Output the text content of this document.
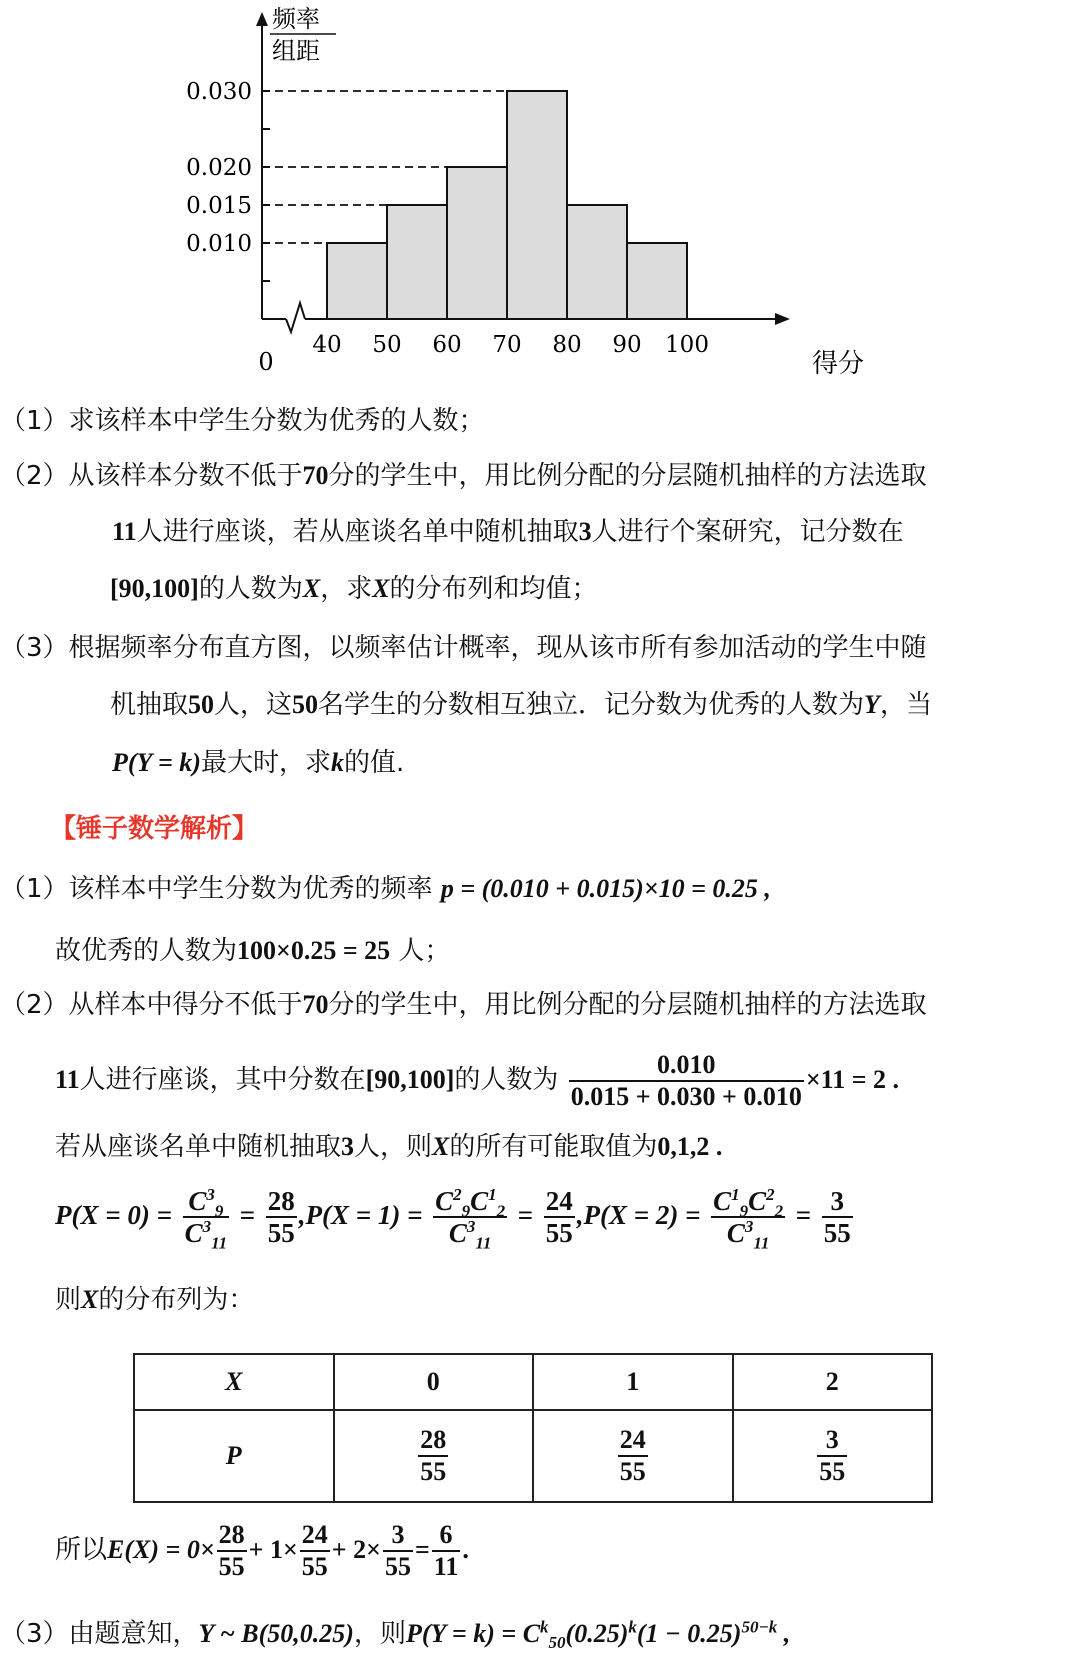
0.010
0.015
0.020
0.030
40 50 60 70 80 90 100
频率
组距
得分
0
（1）求该样本中学生分数为优秀的人数；
（2）从该样本分数不低于70分的学生中，用比例分配的分层随机抽样的方法选取
11人进行座谈，若从座谈名单中随机抽取3人进行个案研究，记分数在
[90,100]的人数为X，求X的分布列和均值；
（3）根据频率分布直方图，以频率估计概率，现从该市所有参加活动的学生中随
机抽取50人，这50名学生的分数相互独立．记分数为优秀的人数为Y，当
P(Y = k)最大时，求k的值.
【锤子数学解析】
（1）该样本中学生分数为优秀的频率 p = (0.010 + 0.015)×10 = 0.25 ,
故优秀的人数为100×0.25 = 25 人；
（2）从样本中得分不低于70分的学生中，用比例分配的分层随机抽样的方法选取
11人进行座谈，其中分数在[90,100]的人数为 $\frac{0.010}{0.015 + 0.030 + 0.010} \times 11 = 2$ .
若从座谈名单中随机抽取3人，则X的所有可能取值为0,1,2 .
$P(X = 0) = \frac{C^3_9}{C^3_{11}} = \frac{28}{55} ,P(X = 1) = \frac{C^2_9C^1_2}{C^3_{11}} = \frac{24}{55} ,P(X = 2) = \frac{C^1_9C^2_2}{C^3_{11}} = \frac{3}{55}$
则X的分布列为：
X	0	1	2
P	$\frac{28}{55}$	$\frac{24}{55}$	$\frac{3}{55}$
所以$E(X) = 0\times \frac{28}{55} + 1\times \frac{24}{55} + 2\times \frac{3}{55} = \frac{6}{11}$ .
（3）由题意知，Y ~ B(50,0.25)，则$P(Y = k) = C^k_{50}(0.25)^k(1 - 0.25)^{50-k}$ ,
